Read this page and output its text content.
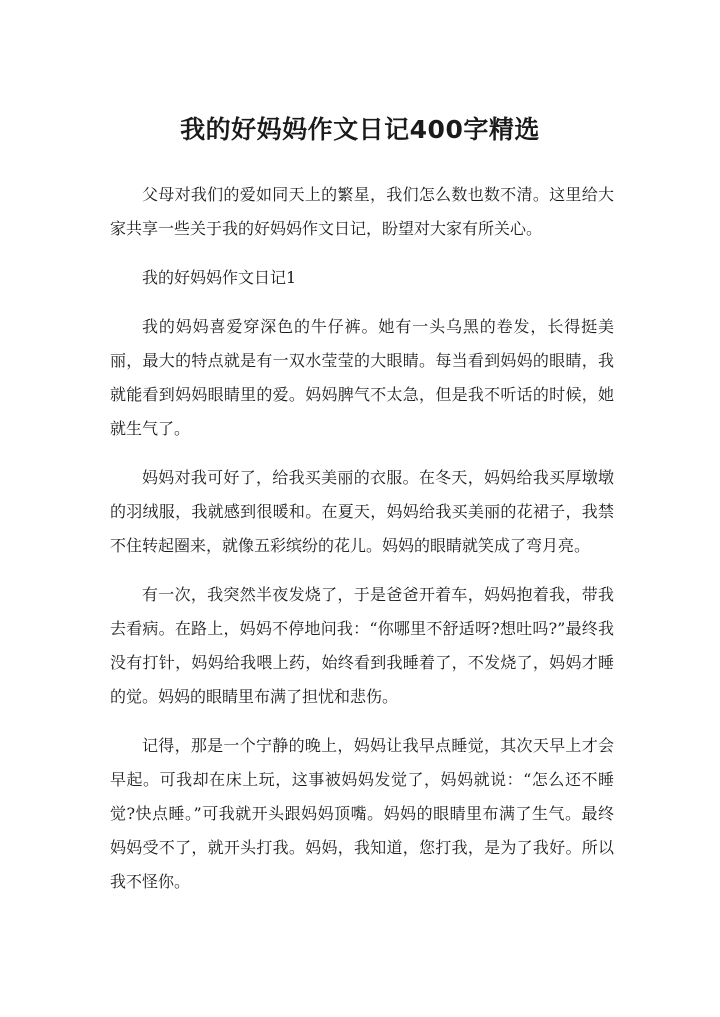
我的好妈妈作文日记400字精选

父母对我们的爱如同天上的繁星，我们怎么数也数不清。这里给大家共享一些关于我的好妈妈作文日记，盼望对大家有所关心。

我的好妈妈作文日记1

我的妈妈喜爱穿深色的牛仔裤。她有一头乌黑的卷发，长得挺美丽，最大的特点就是有一双水莹莹的大眼睛。每当看到妈妈的眼睛，我就能看到妈妈眼睛里的爱。妈妈脾气不太急，但是我不听话的时候，她就生气了。

妈妈对我可好了，给我买美丽的衣服。在冬天，妈妈给我买厚墩墩的羽绒服，我就感到很暖和。在夏天，妈妈给我买美丽的花裙子，我禁不住转起圈来，就像五彩缤纷的花儿。妈妈的眼睛就笑成了弯月亮。

有一次，我突然半夜发烧了，于是爸爸开着车，妈妈抱着我，带我去看病。在路上，妈妈不停地问我：“你哪里不舒适呀?想吐吗?”最终我没有打针，妈妈给我喂上药，始终看到我睡着了，不发烧了，妈妈才睡的觉。妈妈的眼睛里布满了担忧和悲伤。

记得，那是一个宁静的晚上，妈妈让我早点睡觉，其次天早上才会早起。可我却在床上玩，这事被妈妈发觉了，妈妈就说：“怎么还不睡觉?快点睡。”可我就开头跟妈妈顶嘴。妈妈的眼睛里布满了生气。最终妈妈受不了，就开头打我。妈妈，我知道，您打我，是为了我好。所以我不怪你。
